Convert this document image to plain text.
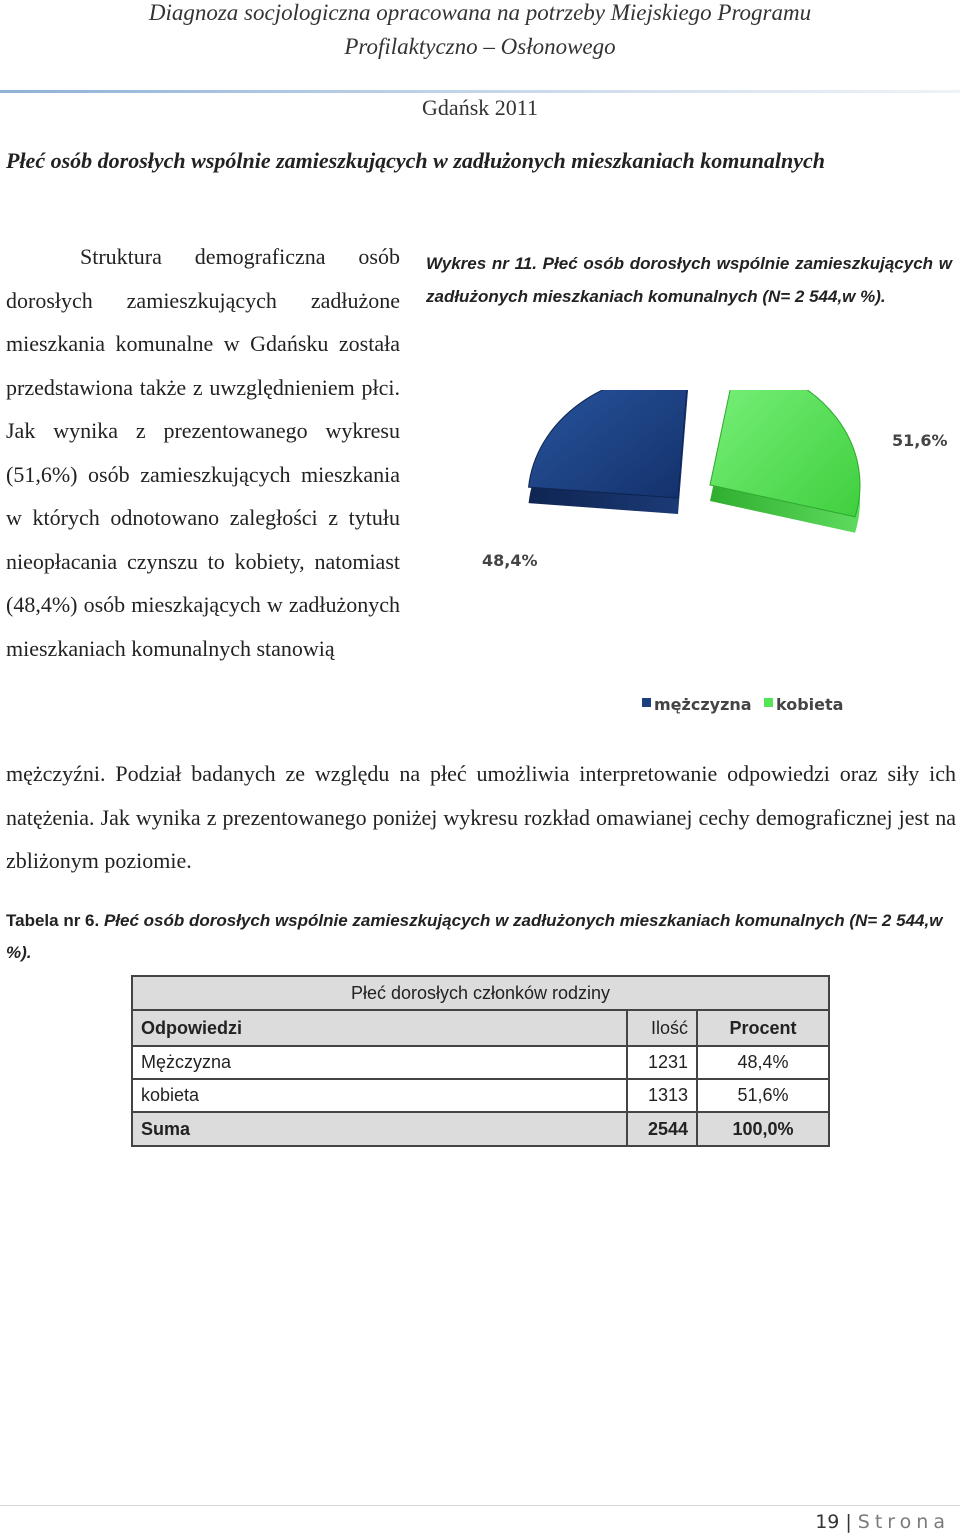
Diagnoza socjologiczna opracowana na potrzeby Miejskiego Programu
Profilaktyczno – Osłonowego
Gdańsk 2011
Płeć osób dorosłych wspólnie zamieszkujących w zadłużonych mieszkaniach komunalnych

Struktura demograficzna osób dorosłych zamieszkujących zadłużone mieszkania komunalne w Gdańsku została przedstawiona także z uwzględnieniem płci. Jak wynika z prezentowanego wykresu (51,6%) osób zamieszkujących mieszkania w których odnotowano zaległości z tytułu nieopłacania czynszu to kobiety, natomiast (48,4%) osób mieszkających w zadłużonych mieszkaniach komunalnych stanowią

Wykres nr 11. Płeć osób dorosłych wspólnie zamieszkujących w zadłużonych mieszkaniach komunalnych (N= 2 544,w %).
48,4%
51,6%
mężczyzna kobieta

mężczyźni. Podział badanych ze względu na płeć umożliwia interpretowanie odpowiedzi oraz siły ich natężenia. Jak wynika z prezentowanego poniżej wykresu rozkład omawianej cechy demograficznej jest na zbliżonym poziomie.

Tabela nr 6. Płeć osób dorosłych wspólnie zamieszkujących w zadłużonych mieszkaniach komunalnych (N= 2 544,w %).
Płeć dorosłych członków rodziny		
Odpowiedzi	Ilość	Procent
Mężczyzna	1231	48,4%
kobieta	1313	51,6%
Suma	2544	100,0%
19 | Strona
